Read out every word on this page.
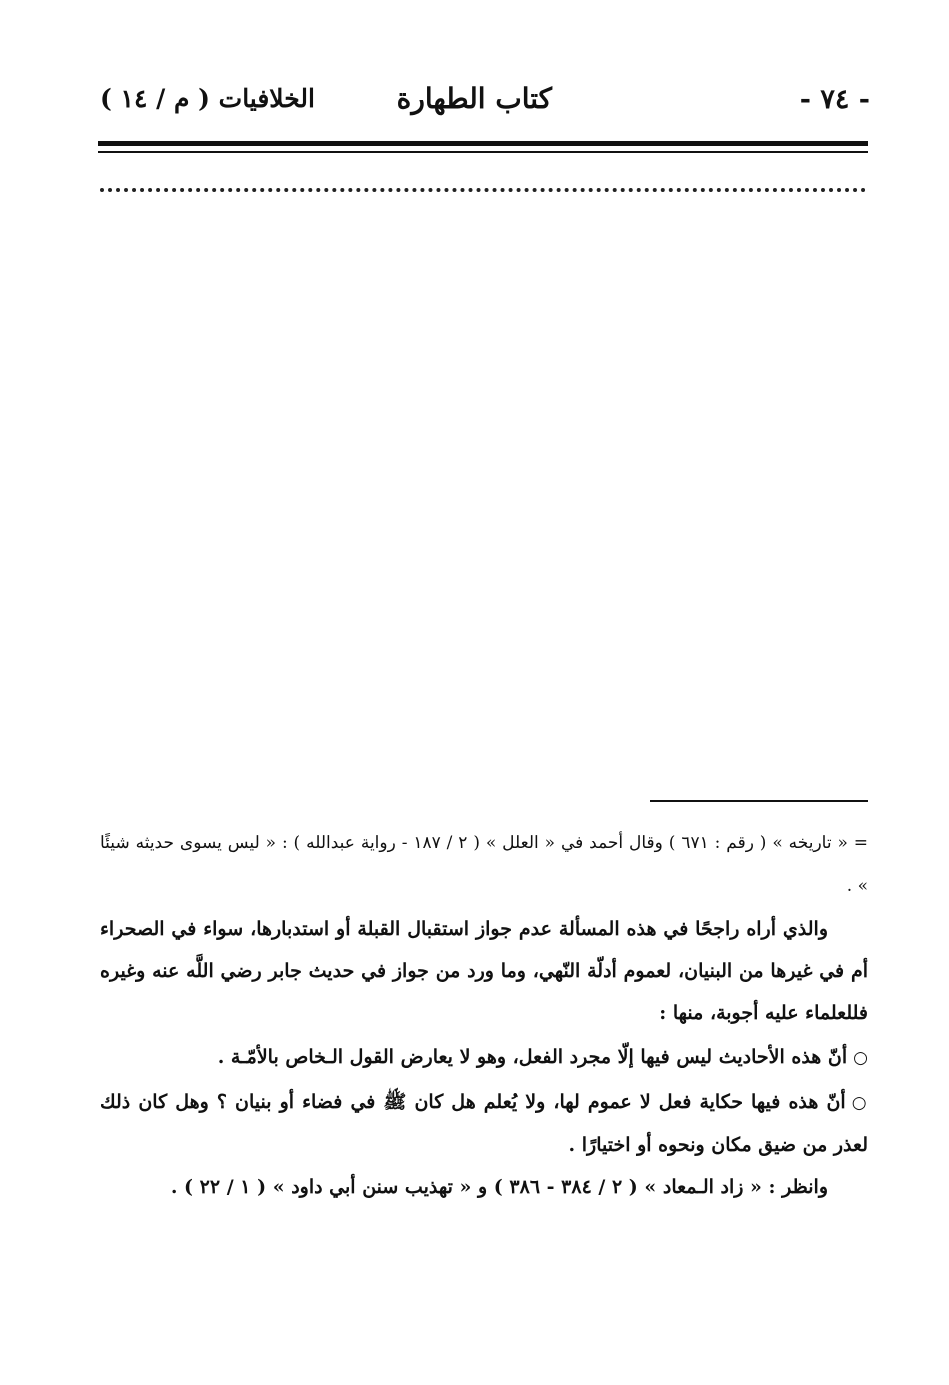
- ٧٤ -
كتاب الطهارة
الخلافيات ( م / ١٤ )

= « تاريخه » ( رقم : ٦٧١ ) وقال أحمد في « العلل » ( ٢ / ١٨٧ - رواية عبدالله ) : « ليس يسوى حديثه شيئًا » .

والذي أراه راجحًا في هذه المسألة عدم جواز استقبال القبلة أو استدبارها، سواء في الصحراء أم في غيرها من البنيان، لعموم أدلّة النّهي، وما ورد من جواز في حديث جابر رضي اللَّه عنه وغيره فللعلماء عليه أجوبة، منها :

○أنّ هذه الأحاديث ليس فيها إلّا مجرد الفعل، وهو لا يعارض القول الـخاص بالأمّـة .

○أنّ هذه فيها حكاية فعل لا عموم لها، ولا يُعلم هل كان ﷺ في فضاء أو بنيان ؟ وهل كان ذلك لعذر من ضيق مكان ونحوه أو اختيارًا .

وانظر : « زاد الـمعاد » ( ٢ / ٣٨٤ - ٣٨٦ ) و « تهذيب سنن أبي داود » ( ١ / ٢٢ ) .
